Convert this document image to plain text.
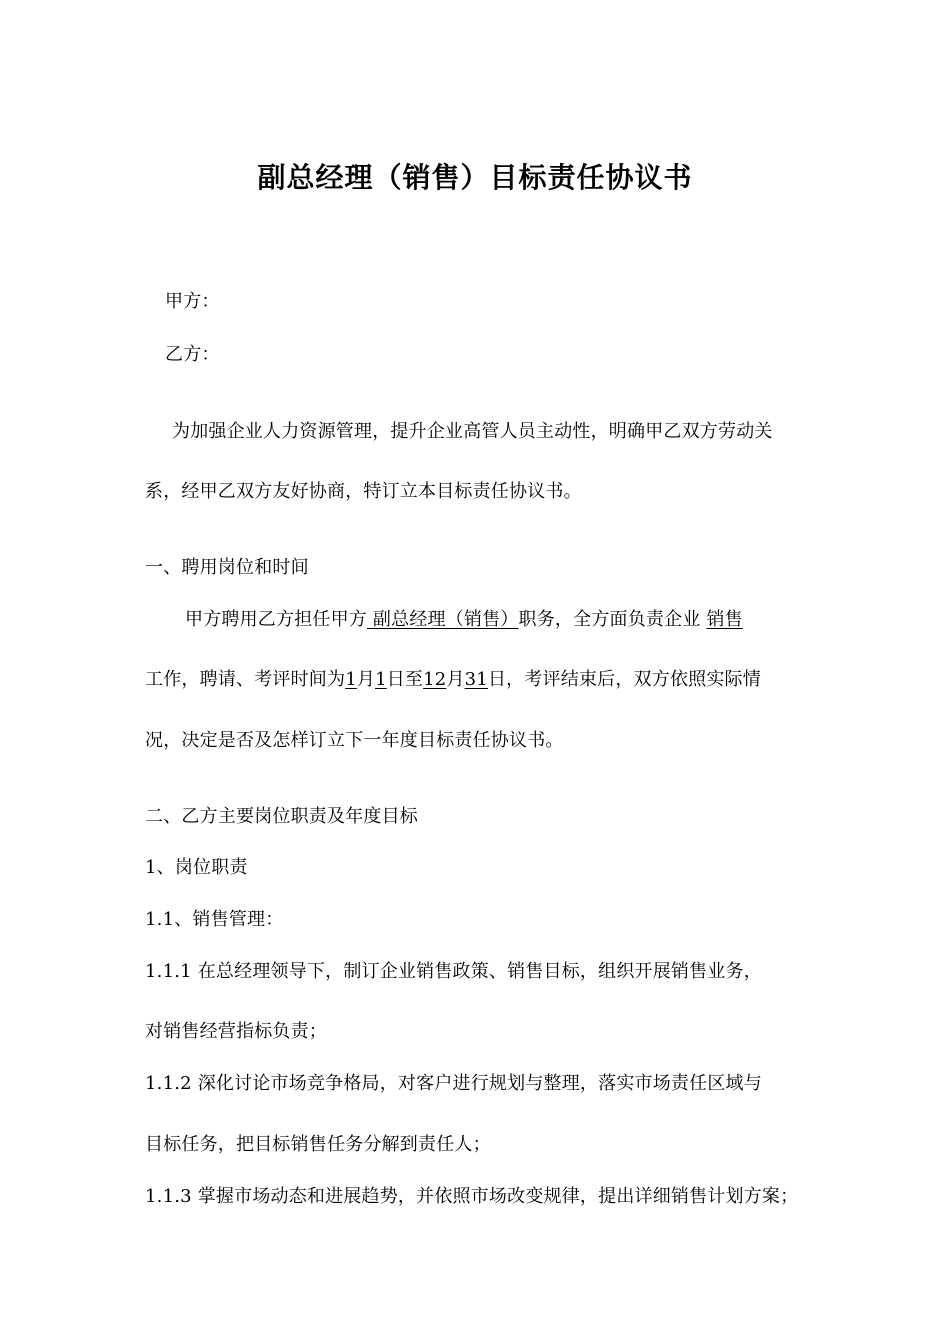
副总经理（销售）目标责任协议书
甲方：
乙方：
为加强企业人力资源管理，提升企业高管人员主动性，明确甲乙双方劳动关
系，经甲乙双方友好协商，特订立本目标责任协议书。
一、聘用岗位和时间
甲方聘用乙方担任甲方 副总经理（销售）职务，全方面负责企业 销售
工作，聘请、考评时间为1月1日至12月31日，考评结束后，双方依照实际情
况，决定是否及怎样订立下一年度目标责任协议书。
二、乙方主要岗位职责及年度目标
1、岗位职责
1.1、销售管理：
1.1.1 在总经理领导下，制订企业销售政策、销售目标，组织开展销售业务，
对销售经营指标负责；
1.1.2 深化讨论市场竞争格局，对客户进行规划与整理，落实市场责任区域与
目标任务，把目标销售任务分解到责任人；
1.1.3 掌握市场动态和进展趋势，并依照市场改变规律，提出详细销售计划方案；
